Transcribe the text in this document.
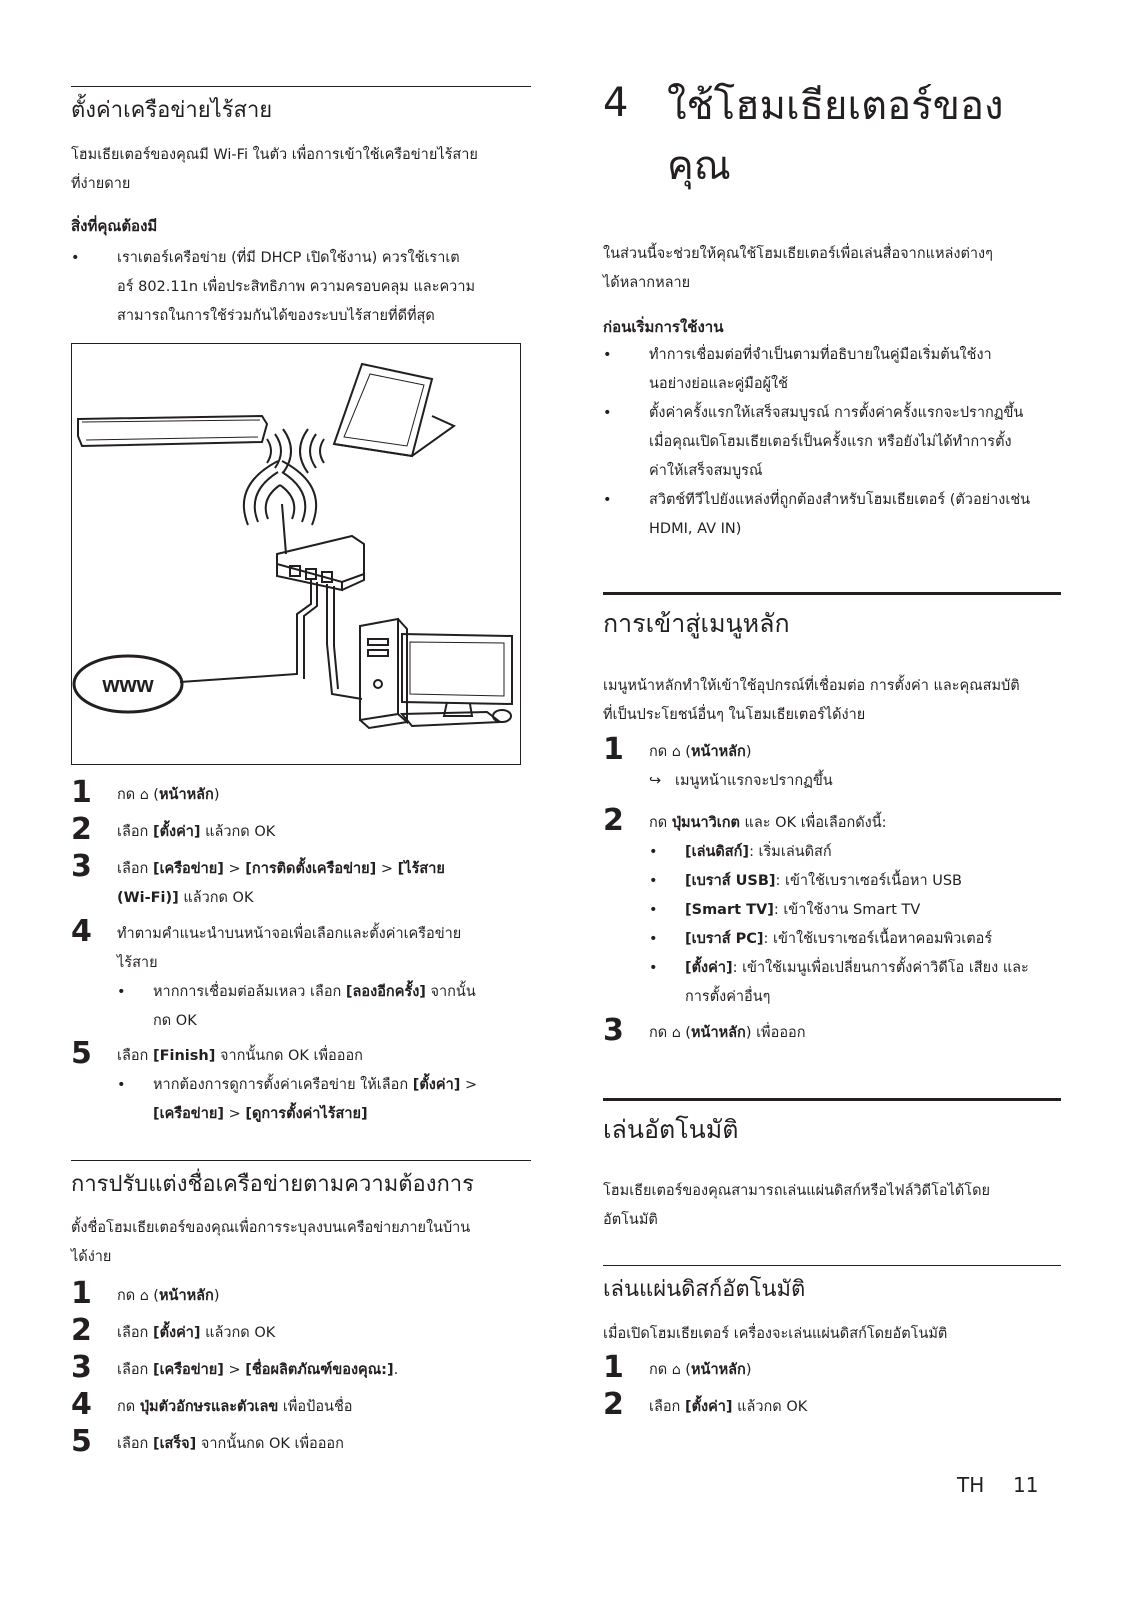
ตั้งค่าเครือข่ายไร้สาย
โฮมเธียเตอร์ของคุณมี Wi-Fi ในตัว เพื่อการเข้าใช้เครือข่ายไร้สาย
ที่ง่ายดาย
สิ่งที่คุณต้องมี
•	เราเตอร์เครือข่าย (ที่มี DHCP เปิดใช้งาน) ควรใช้เราเต
อร์ 802.11n เพื่อประสิทธิภาพ ความครอบคลุม และความ
สามารถในการใช้ร่วมกันได้ของระบบไร้สายที่ดีที่สุด
www
1 กด ⌂ (หน้าหลัก)
2 เลือก [ตั้งค่า] แล้วกด OK
3 เลือก [เครือข่าย] > [การติดตั้งเครือข่าย] > [ไร้สาย
(Wi-Fi)] แล้วกด OK
4 ทำตามคำแนะนำบนหน้าจอเพื่อเลือกและตั้งค่าเครือข่าย
ไร้สาย
• หากการเชื่อมต่อล้มเหลว เลือก [ลองอีกครั้ง] จากนั้น
กด OK
5 เลือก [Finish] จากนั้นกด OK เพื่อออก
• หากต้องการดูการตั้งค่าเครือข่าย ให้เลือก [ตั้งค่า] >
[เครือข่าย] > [ดูการตั้งค่าไร้สาย]
การปรับแต่งชื่อเครือข่ายตามความต้องการ
ตั้งชื่อโฮมเธียเตอร์ของคุณเพื่อการระบุลงบนเครือข่ายภายในบ้าน
ได้ง่าย
1 กด ⌂ (หน้าหลัก)
2 เลือก [ตั้งค่า] แล้วกด OK
3 เลือก [เครือข่าย] > [ชื่อผลิตภัณฑ์ของคุณ:].
4 กด ปุ่มตัวอักษรและตัวเลข เพื่อป้อนชื่อ
5 เลือก [เสร็จ] จากนั้นกด OK เพื่อออก
4 ใช้โฮมเธียเตอร์ของ
คุณ
ในส่วนนี้จะช่วยให้คุณใช้โฮมเธียเตอร์เพื่อเล่นสื่อจากแหล่งต่างๆ
ได้หลากหลาย
ก่อนเริ่มการใช้งาน
•	ทำการเชื่อมต่อที่จำเป็นตามที่อธิบายในคู่มือเริ่มต้นใช้งา
นอย่างย่อและคู่มือผู้ใช้
•	ตั้งค่าครั้งแรกให้เสร็จสมบูรณ์ การตั้งค่าครั้งแรกจะปรากฏขึ้น
เมื่อคุณเปิดโฮมเธียเตอร์เป็นครั้งแรก หรือยังไม่ได้ทำการตั้ง
ค่าให้เสร็จสมบูรณ์
•	สวิตช์ทีวีไปยังแหล่งที่ถูกต้องสำหรับโฮมเธียเตอร์ (ตัวอย่างเช่น
HDMI, AV IN)
การเข้าสู่เมนูหลัก
เมนูหน้าหลักทำให้เข้าใช้อุปกรณ์ที่เชื่อมต่อ การตั้งค่า และคุณสมบัติ
ที่เป็นประโยชน์อื่นๆ ในโฮมเธียเตอร์ได้ง่าย
1 กด ⌂ (หน้าหลัก)
↪ เมนูหน้าแรกจะปรากฏขึ้น
2 กด ปุ่มนาวิเกต และ OK เพื่อเลือกดังนี้:
• [เล่นดิสก์]: เริ่มเล่นดิสก์
• [เบราส์ USB]: เข้าใช้เบราเซอร์เนื้อหา USB
• [Smart TV]: เข้าใช้งาน Smart TV
• [เบราส์ PC]: เข้าใช้เบราเซอร์เนื้อหาคอมพิวเตอร์
• [ตั้งค่า]: เข้าใช้เมนูเพื่อเปลี่ยนการตั้งค่าวิดีโอ เสียง และ
การตั้งค่าอื่นๆ
3 กด ⌂ (หน้าหลัก) เพื่อออก
เล่นอัตโนมัติ
โฮมเธียเตอร์ของคุณสามารถเล่นแผ่นดิสก์หรือไฟล์วิดีโอได้โดย
อัตโนมัติ
เล่นแผ่นดิสก์อัตโนมัติ
เมื่อเปิดโฮมเธียเตอร์ เครื่องจะเล่นแผ่นดิสก์โดยอัตโนมัติ
1 กด ⌂ (หน้าหลัก)
2 เลือก [ตั้งค่า] แล้วกด OK
TH 11
